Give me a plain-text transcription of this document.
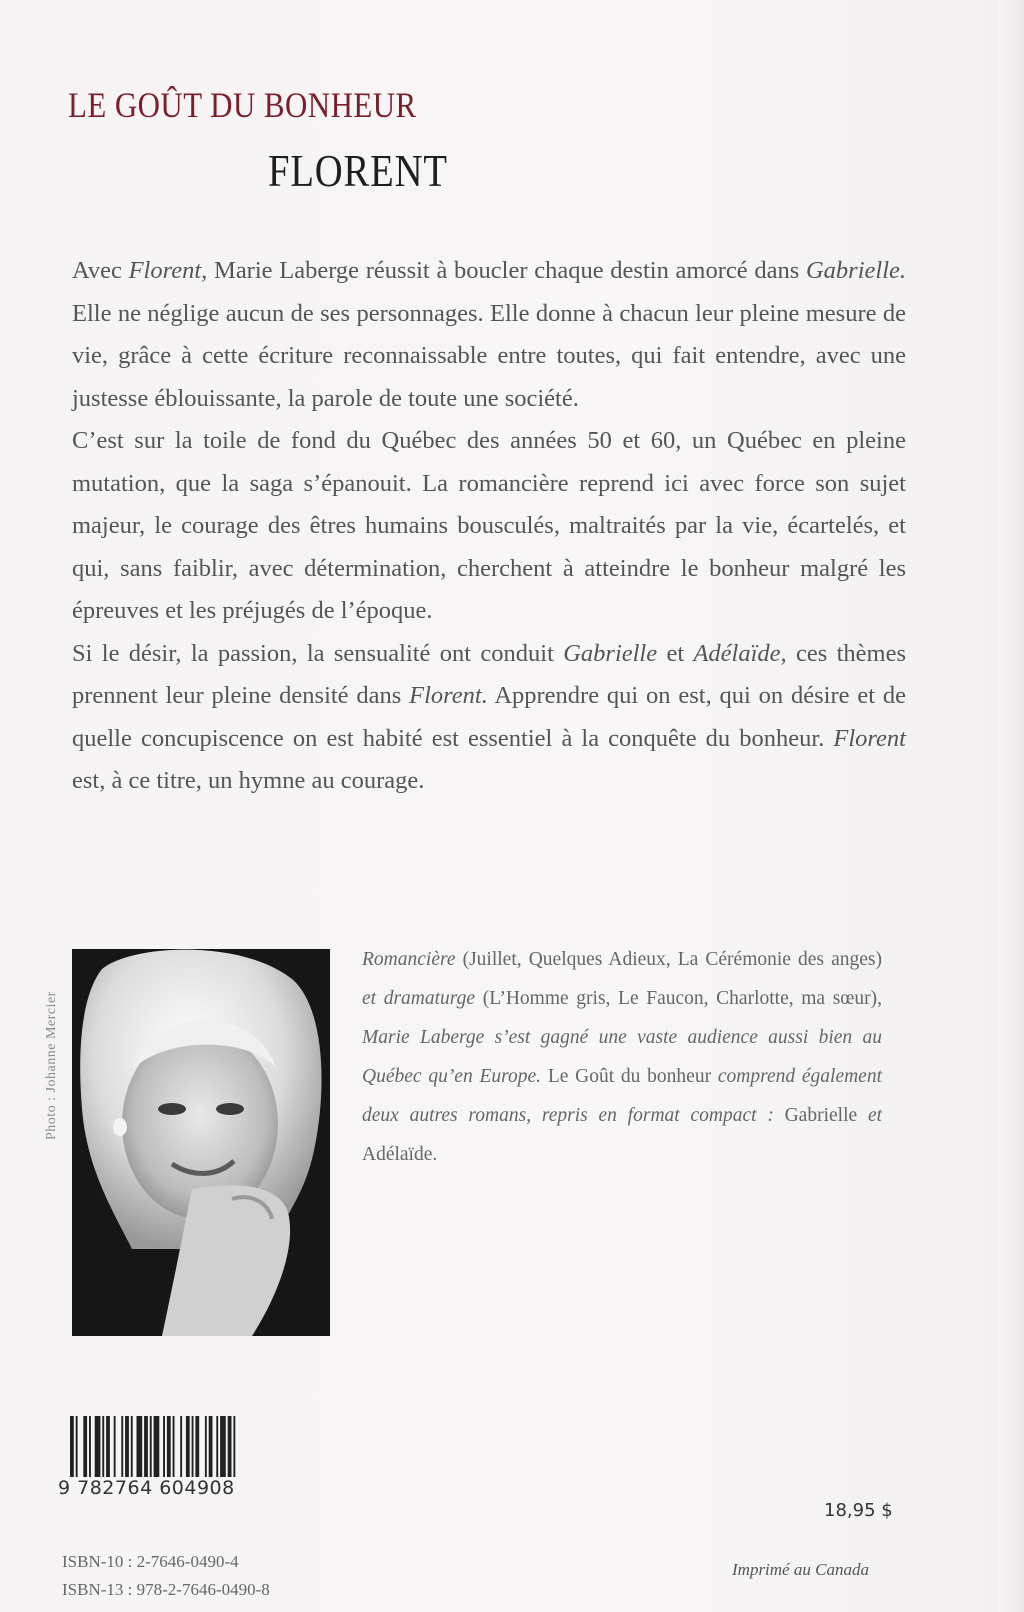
LE GOÛT DU BONHEUR
FLORENT

Avec Florent, Marie Laberge réussit à boucler chaque destin amorcé dans Gabrielle. Elle ne néglige aucun de ses personnages. Elle donne à chacun leur pleine mesure de vie, grâce à cette écriture reconnaissable entre toutes, qui fait entendre, avec une justesse éblouissante, la parole de toute une société.

C’est sur la toile de fond du Québec des années 50 et 60, un Québec en pleine mutation, que la saga s’épanouit. La romancière reprend ici avec force son sujet majeur, le courage des êtres humains bousculés, maltraités par la vie, écartelés, et qui, sans faiblir, avec détermination, cherchent à atteindre le bonheur malgré les épreuves et les préjugés de l’époque.

Si le désir, la passion, la sensualité ont conduit Gabrielle et Adélaïde, ces thèmes prennent leur pleine densité dans Florent. Apprendre qui on est, qui on désire et de quelle concupiscence on est habité est essentiel à la conquête du bonheur. Florent est, à ce titre, un hymne au courage.

Photo : Johanne Mercier
Romancière (Juillet, Quelques Adieux, La Cérémonie des anges) et dramaturge (L’Homme gris, Le Faucon, Charlotte, ma sœur), Marie Laberge s’est gagné une vaste audience aussi bien au Québec qu’en Europe. Le Goût du bonheur comprend également deux autres romans, repris en format compact : Gabrielle et Adélaïde.
9 782764 604908
18,95 $
ISBN-10 : 2-7646-0490-4
ISBN-13 : 978-2-7646-0490-8
Imprimé au Canada
